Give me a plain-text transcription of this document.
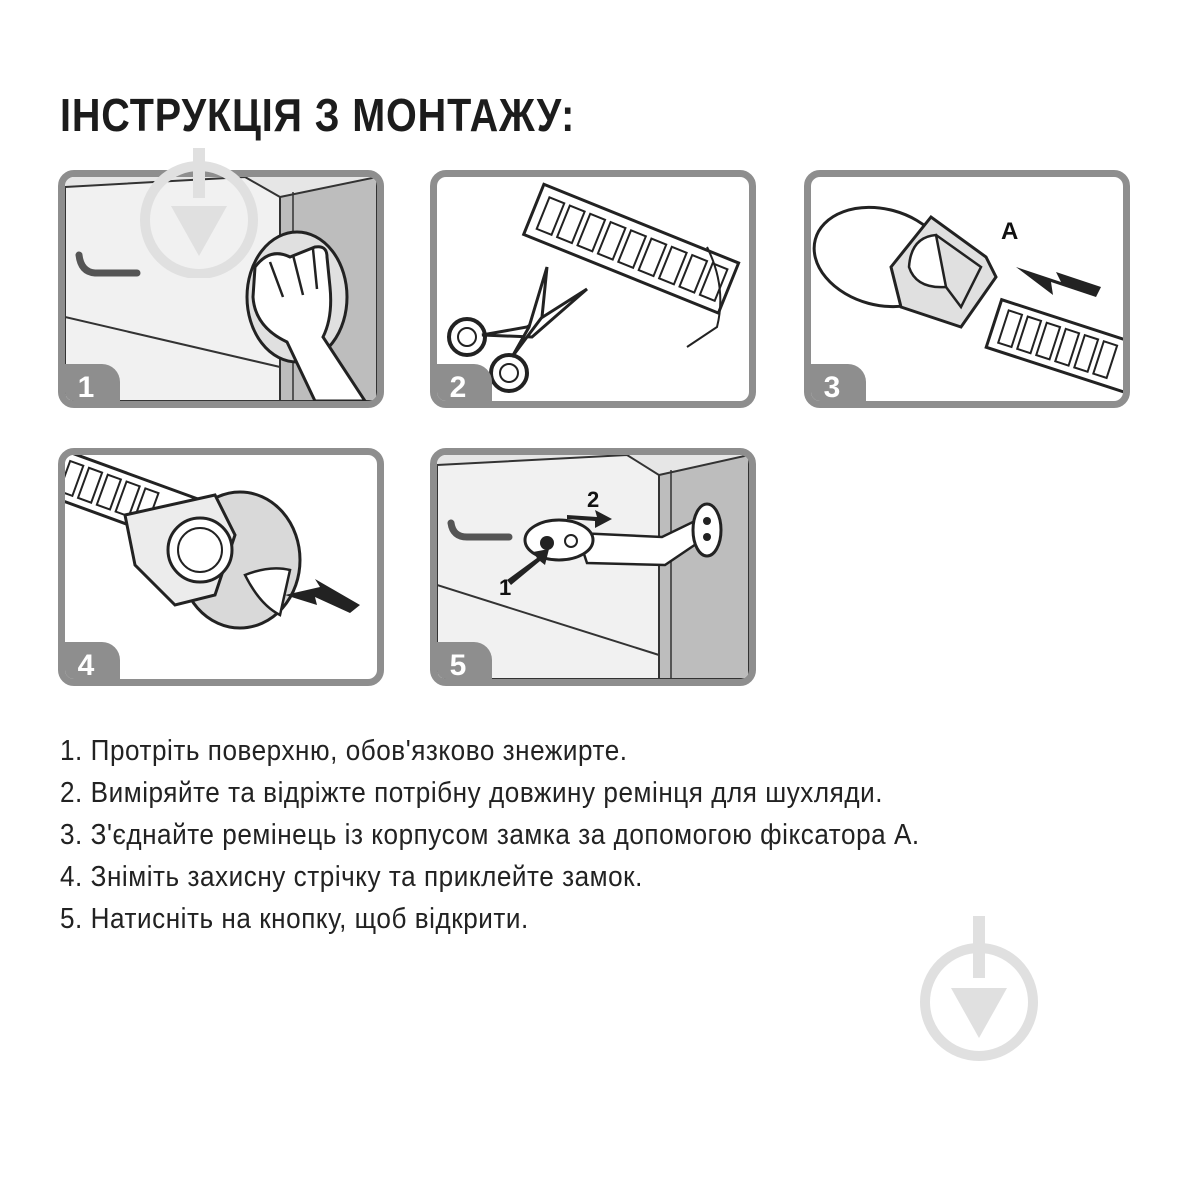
ІНСТРУКЦІЯ З МОНТАЖУ:
1	2
A
3
4
1
2
5
1. Протріть поверхню, обов'язково знежирте.
2. Виміряйте та відріжте потрібну довжину ремінця для шухляди.
3. З'єднайте ремінець із корпусом замка за допомогою фіксатора А.
4. Зніміть захисну стрічку та приклейте замок.
5. Натисніть на кнопку, щоб відкрити.
